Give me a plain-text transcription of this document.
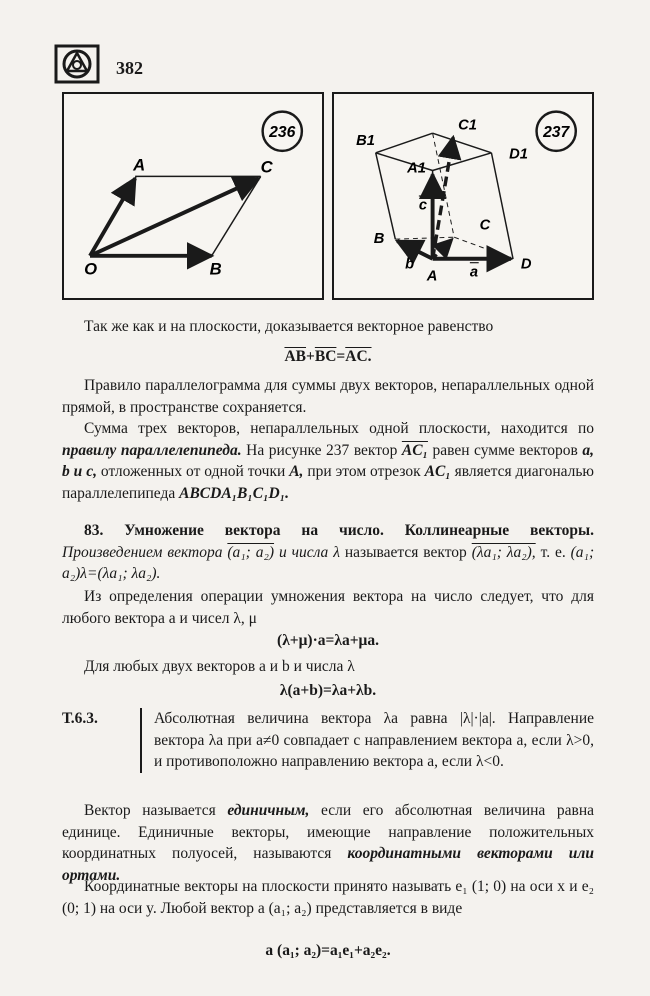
382
236
O
A
B
C
237
B1
C1
D1
A1
B
A
C
D
b	a
c
Так же как и на плоскости, доказывается векторное равенство
$\overline{AB}+\overline{BC}=AC$.
Правило параллелограмма для суммы двух векторов, непараллельных одной прямой, в пространстве сохраняется.
Сумма трех векторов, непараллельных одной плоскости, находится по правилу параллелепипеда. На рисунке 237 вектор AC₁ равен сумме векторов a, b и c, отложенных от одной точки A, при этом отрезок AC₁ является диагональю параллелепипеда ABCDA₁B₁C₁D₁.
83. Умножение вектора на число. Коллинеарные векторы. Произведением вектора (a₁; a₂) и числа λ называется вектор (λa₁; λa₂), т. е. (a₁; a₂)λ=(λa₁; λa₂).
Из определения операции умножения вектора на число следует, что для любого вектора a и чисел λ, μ
(λ+μ)·a=λa+μa.
Для любых двух векторов a и b и числа λ
λ(a+b)=λa+λb.
Т.6.3.	Абсолютная величина вектора λa равна |λ|·|a|. Направление вектора λa при a≠0 совпадает с направлением вектора a, если λ>0, и противоположно направлению вектора a, если λ<0.
Вектор называется единичным, если его абсолютная величина равна единице. Единичные векторы, имеющие направление положительных координатных полуосей, называются координатными векторами или ортами.
Координатные векторы на плоскости принято называть e₁ (1; 0) на оси x и e₂ (0; 1) на оси y. Любой вектор a (a₁; a₂) представляется в виде
a (a₁; a₂)=a₁e₁+a₂e₂.
